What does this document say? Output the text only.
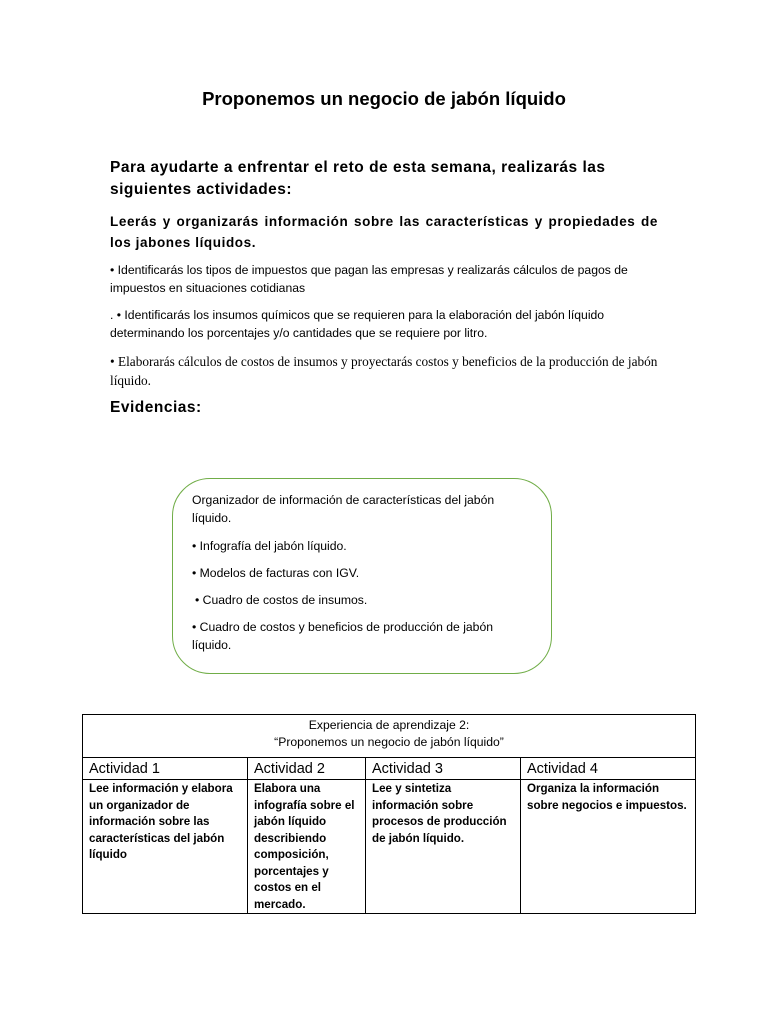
Proponemos un negocio de jabón líquido
Para ayudarte a enfrentar el reto de esta semana, realizarás las siguientes actividades:
Leerás y organizarás información sobre las características y propiedades de los jabones líquidos.
• Identificarás los tipos de impuestos que pagan las empresas y realizarás cálculos de pagos de impuestos en situaciones cotidianas
. • Identificarás los insumos químicos que se requieren para la elaboración del jabón líquido determinando los porcentajes y/o cantidades que se requiere por litro.
• Elaborarás cálculos de costos de insumos y proyectarás costos y beneficios de la producción de jabón líquido.
Evidencias:
Organizador de información de características del jabón líquido.
• Infografía del jabón líquido.
• Modelos de facturas con IGV.
• Cuadro de costos de insumos.
• Cuadro de costos y beneficios de producción de jabón líquido.
Experiencia de aprendizaje 2:
“Proponemos un negocio de jabón líquido”			

Actividad 1	Actividad 2	Actividad 3	Actividad 4
Lee información y elabora un organizador de información sobre las características del jabón líquido	Elabora una infografía sobre el jabón líquido describiendo composición, porcentajes y costos en el mercado.	Lee y sintetiza información sobre procesos de producción de jabón líquido.	Organiza la información sobre negocios e impuestos.
